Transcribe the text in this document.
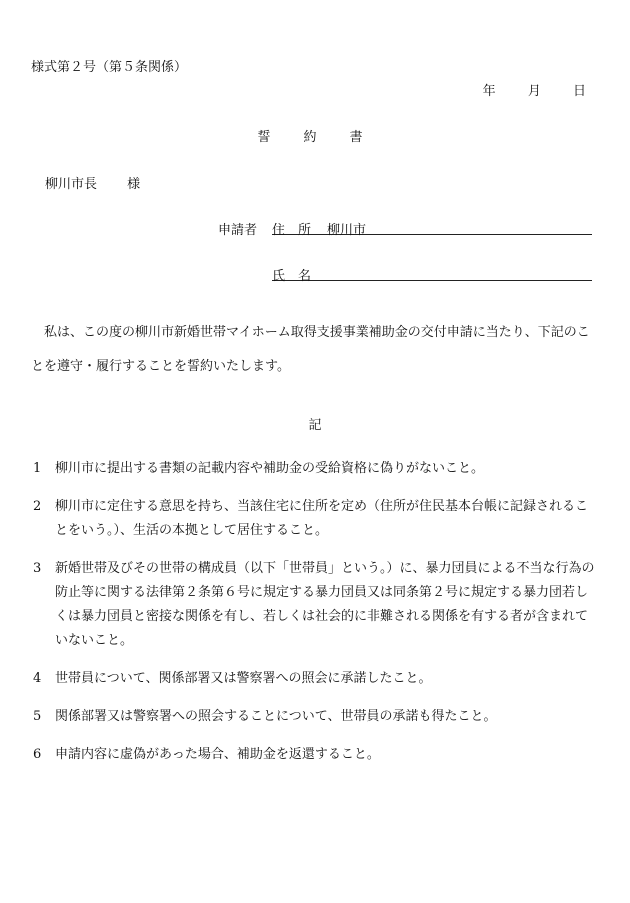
様式第２号（第５条関係）
年 月 日
誓　約　書
柳川市長 様
申請者 住　所 柳川市
氏　名
私は、この度の柳川市新婚世帯マイホーム取得支援事業補助金の交付申請に当たり、下記のことを遵守・履行することを誓約いたします。
記
1	柳川市に提出する書類の記載内容や補助金の受給資格に偽りがないこと。
2	柳川市に定住する意思を持ち、当該住宅に住所を定め（住所が住民基本台帳に記録されることをいう。）、生活の本拠として居住すること。
3	新婚世帯及びその世帯の構成員（以下「世帯員」という。）に、暴力団員による不当な行為の防止等に関する法律第２条第６号に規定する暴力団員又は同条第２号に規定する暴力団若しくは暴力団員と密接な関係を有し、若しくは社会的に非難される関係を有する者が含まれていないこと。
4	世帯員について、関係部署又は警察署への照会に承諾したこと。
5	関係部署又は警察署への照会することについて、世帯員の承諾も得たこと。
6	申請内容に虚偽があった場合、補助金を返還すること。
